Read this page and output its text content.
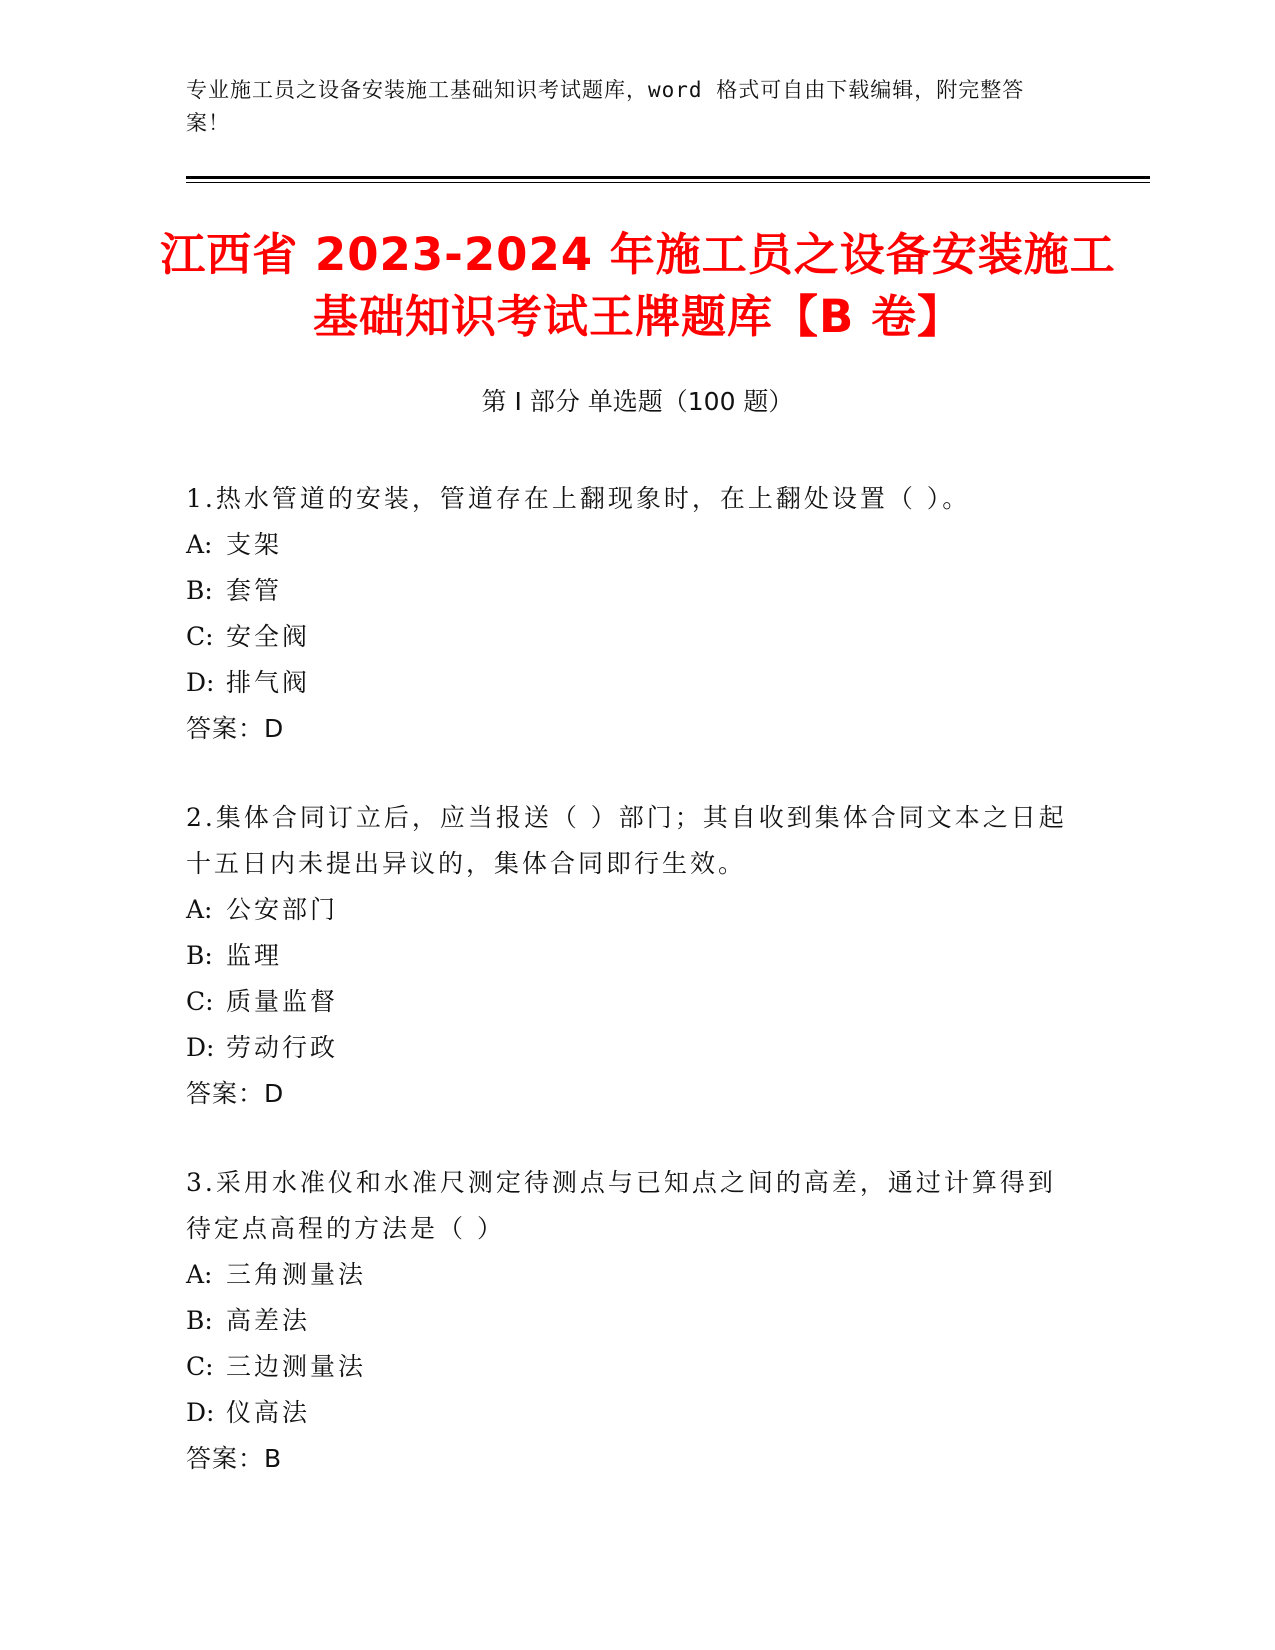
专业施工员之设备安装施工基础知识考试题库，word 格式可自由下载编辑，附完整答案！
江西省 2023-2024 年施工员之设备安装施工
基础知识考试王牌题库【B 卷】
第 I 部分 单选题（100 题）
1.热水管道的安装，管道存在上翻现象时，在上翻处设置（ ）。
A: 支架
B: 套管
C: 安全阀
D: 排气阀
答案：D
2.集体合同订立后，应当报送（ ）部门；其自收到集体合同文本之日起十五日内未提出异议的，集体合同即行生效。
A: 公安部门
B: 监理
C: 质量监督
D: 劳动行政
答案：D
3.采用水准仪和水准尺测定待测点与已知点之间的高差，通过计算得到待定点高程的方法是（ ）
A: 三角测量法
B: 高差法
C: 三边测量法
D: 仪高法
答案：B
